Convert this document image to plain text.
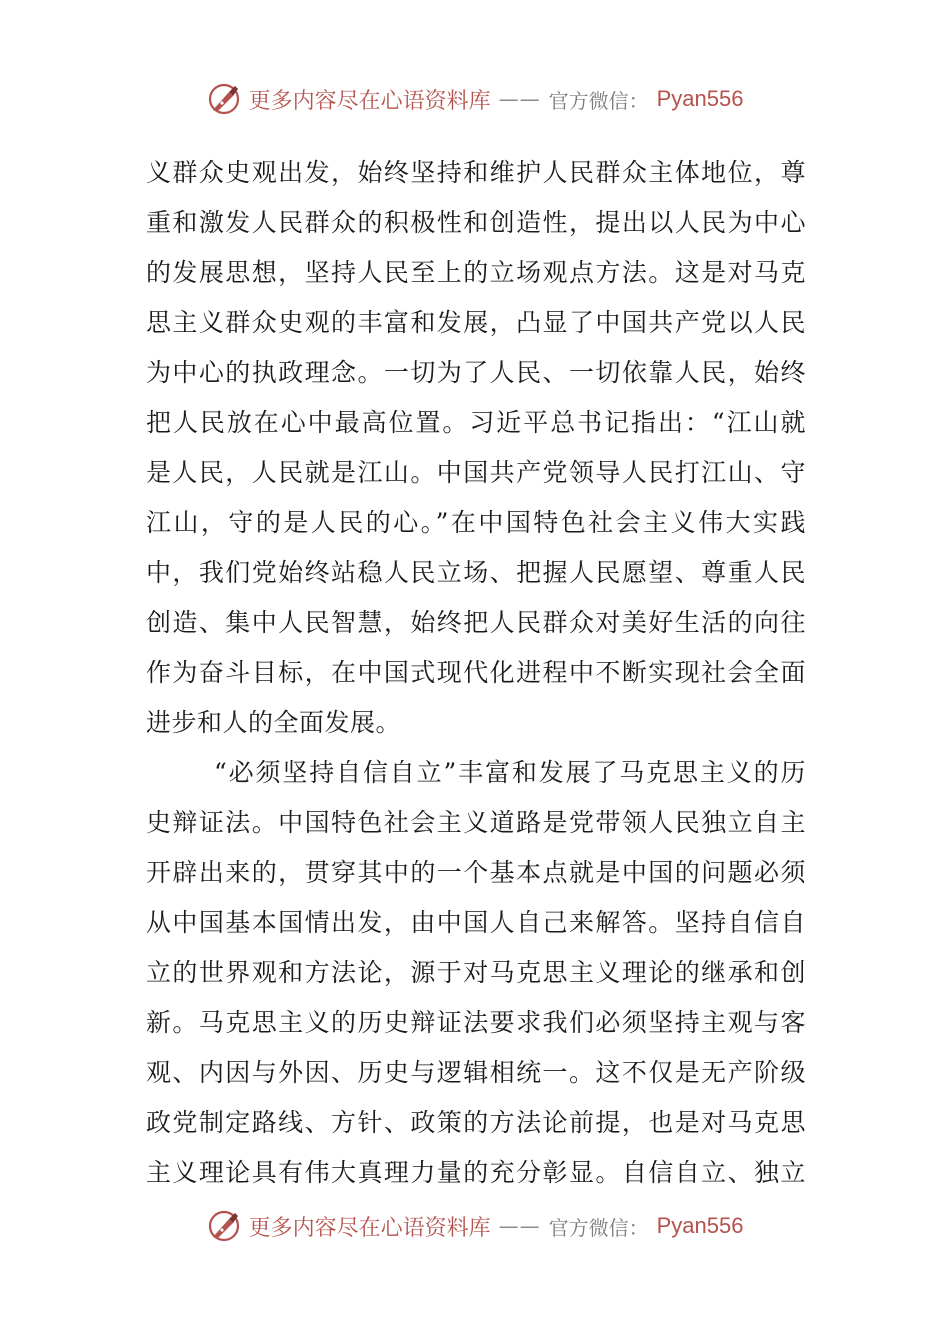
更多内容尽在心语资料库 —— 官方微信： Pyan556
义群众史观出发，始终坚持和维护人民群众主体地位，尊
重和激发人民群众的积极性和创造性，提出以人民为中心
的发展思想，坚持人民至上的立场观点方法。这是对马克
思主义群众史观的丰富和发展，凸显了中国共产党以人民
为中心的执政理念。一切为了人民、一切依靠人民，始终
把人民放在心中最高位置。习近平总书记指出：“江山就
是人民，人民就是江山。中国共产党领导人民打江山、守
江山，守的是人民的心。”在中国特色社会主义伟大实践
中，我们党始终站稳人民立场、把握人民愿望、尊重人民
创造、集中人民智慧，始终把人民群众对美好生活的向往
作为奋斗目标，在中国式现代化进程中不断实现社会全面
进步和人的全面发展。
“必须坚持自信自立”丰富和发展了马克思主义的历
史辩证法。中国特色社会主义道路是党带领人民独立自主
开辟出来的，贯穿其中的一个基本点就是中国的问题必须
从中国基本国情出发，由中国人自己来解答。坚持自信自
立的世界观和方法论，源于对马克思主义理论的继承和创
新。马克思主义的历史辩证法要求我们必须坚持主观与客
观、内因与外因、历史与逻辑相统一。这不仅是无产阶级
政党制定路线、方针、政策的方法论前提，也是对马克思
主义理论具有伟大真理力量的充分彰显。自信自立、独立
更多内容尽在心语资料库 —— 官方微信： Pyan556
